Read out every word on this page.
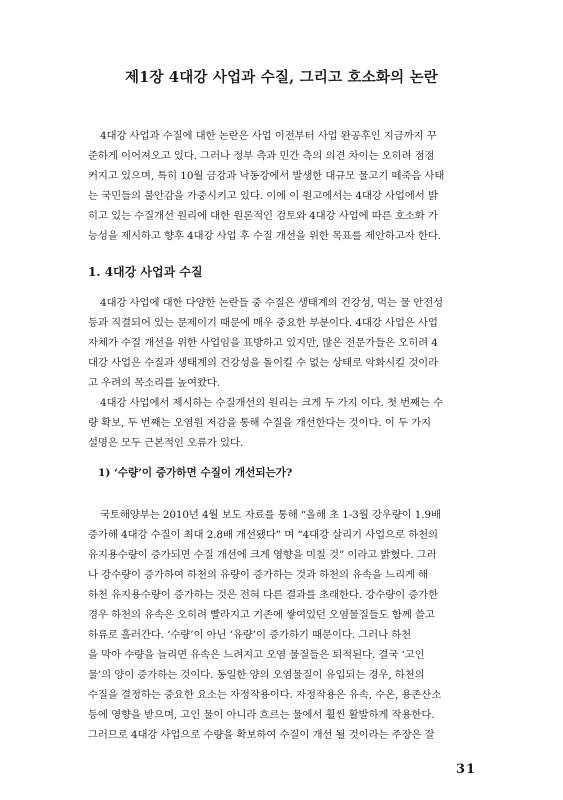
제1장 4대강 사업과 수질, 그리고 호소화의 논란
4대강 사업과 수질에 대한 논란은 사업 이전부터 사업 완공후인 지금까지 꾸
준하게 이어져오고 있다. 그러나 정부 측과 민간 측의 의견 차이는 오히려 점점
커지고 있으며, 특히 10월 금강과 낙동강에서 발생한 대규모 물고기 떼죽음 사태
는 국민들의 불안감을 가중시키고 있다. 이에 이 원고에서는 4대강 사업에서 밝
히고 있는 수질개선 원리에 대한 원론적인 검토와 4대강 사업에 따른 호소화 가
능성을 제시하고 향후 4대강 사업 후 수질 개선을 위한 목표를 제안하고자 한다.
1. 4대강 사업과 수질
4대강 사업에 대한 다양한 논란들 중 수질은 생태계의 건강성, 먹는 물 안전성
등과 직결되어 있는 문제이기 때문에 매우 중요한 부분이다. 4대강 사업은 사업
자체가 수질 개선을 위한 사업임을 표방하고 있지만, 많은 전문가들은 오히려 4
대강 사업은 수질과 생태계의 건강성을 돌이킬 수 없는 상태로 악화시킬 것이라
고 우려의 목소리를 높여왔다.
4대강 사업에서 제시하는 수질개선의 원리는 크게 두 가지 이다. 첫 번째는 수
량 확보, 두 번째는 오염원 저감을 통해 수질을 개선한다는 것이다. 이 두 가지
설명은 모두 근본적인 오류가 있다.
1) ‘수량’이 증가하면 수질이 개선되는가?
국토해양부는 2010년 4월 보도 자료를 통해 “올해 초 1-3월 강우량이 1.9배
증가해 4대강 수질이 최대 2.8배 개선됐다” 며 “4대강 살리기 사업으로 하천의
유지용수량이 증가되면 수질 개선에 크게 영향을 미칠 것” 이라고 밝혔다. 그러
나 강수량이 증가하여 하천의 유량이 증가하는 것과 하천의 유속을 느리게 해
하천 유지용수량이 증가하는 것은 전혀 다른 결과를 초래한다. 강수량이 증가한
경우 하천의 유속은 오히려 빨라지고 기존에 쌓여있던 오염물질들도 함께 쓸고
하류로 흘러간다. ‘수량’이 아닌 ‘유량’이 증가하기 때문이다. 그러나 하천
을 막아 수량을 늘리면 유속은 느려지고 오염 물질들은 퇴적된다. 결국 ‘고인
물’의 양이 증가하는 것이다. 동일한 양의 오염물질이 유입되는 경우, 하천의
수질을 결정하는 중요한 요소는 자정작용이다. 자정작용은 유속, 수온, 용존산소
등에 영향을 받으며, 고인 물이 아니라 흐르는 물에서 훨씬 활발하게 작용한다.
그러므로 4대강 사업으로 수량을 확보하여 수질이 개선 될 것이라는 주장은 잘
31
